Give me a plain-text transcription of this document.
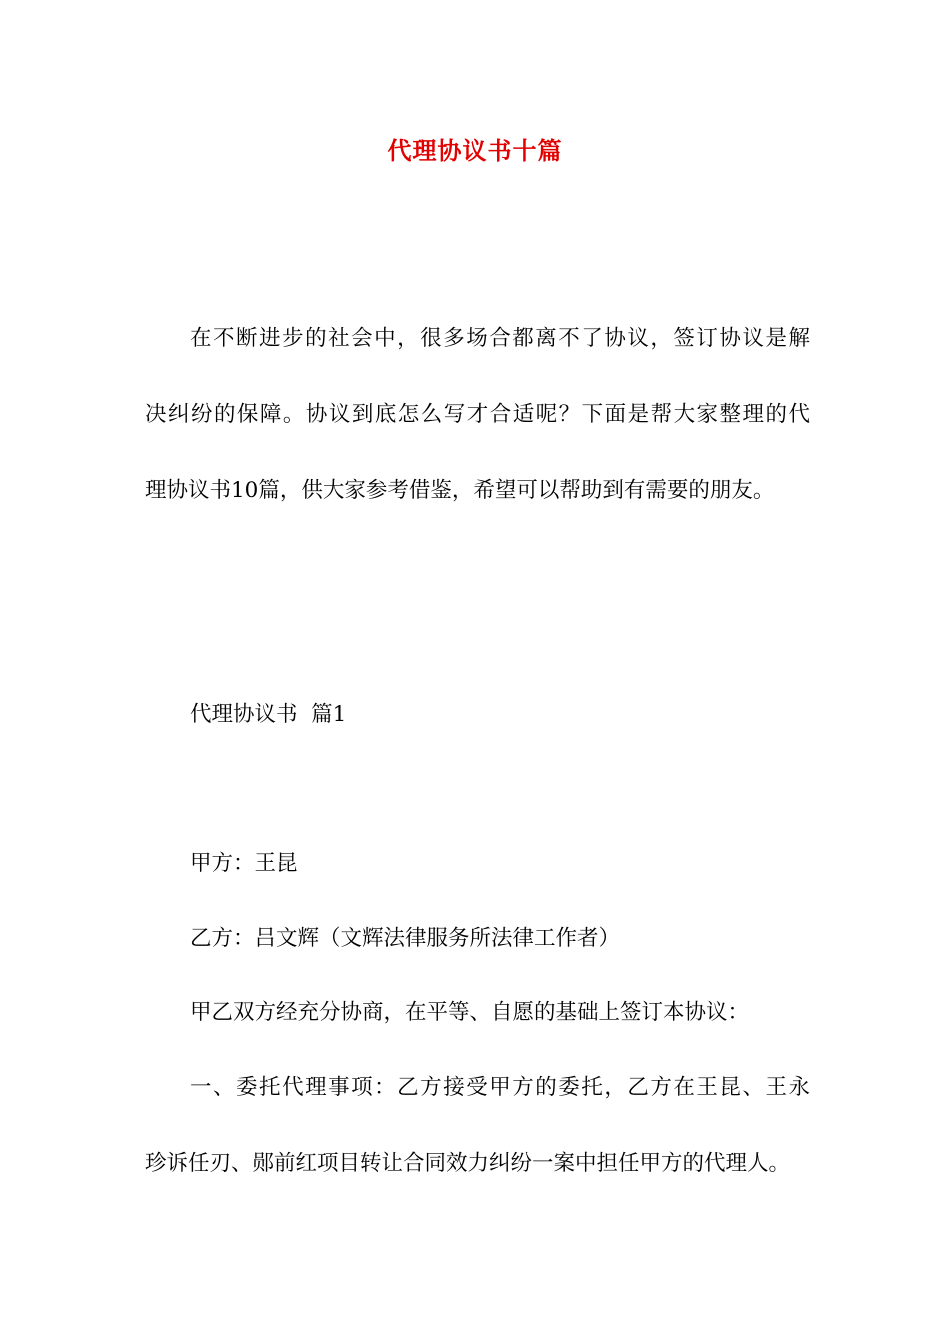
代理协议书十篇
在不断进步的社会中，很多场合都离不了协议，签订协议是解
决纠纷的保障。协议到底怎么写才合适呢？下面是帮大家整理的代
理协议书10篇，供大家参考借鉴，希望可以帮助到有需要的朋友。
代理协议书  篇1
甲方：王昆
乙方：吕文辉（文辉法律服务所法律工作者）
甲乙双方经充分协商，在平等、自愿的基础上签订本协议：
一、委托代理事项：乙方接受甲方的委托，乙方在王昆、王永
珍诉任刃、郧前红项目转让合同效力纠纷一案中担任甲方的代理人。
